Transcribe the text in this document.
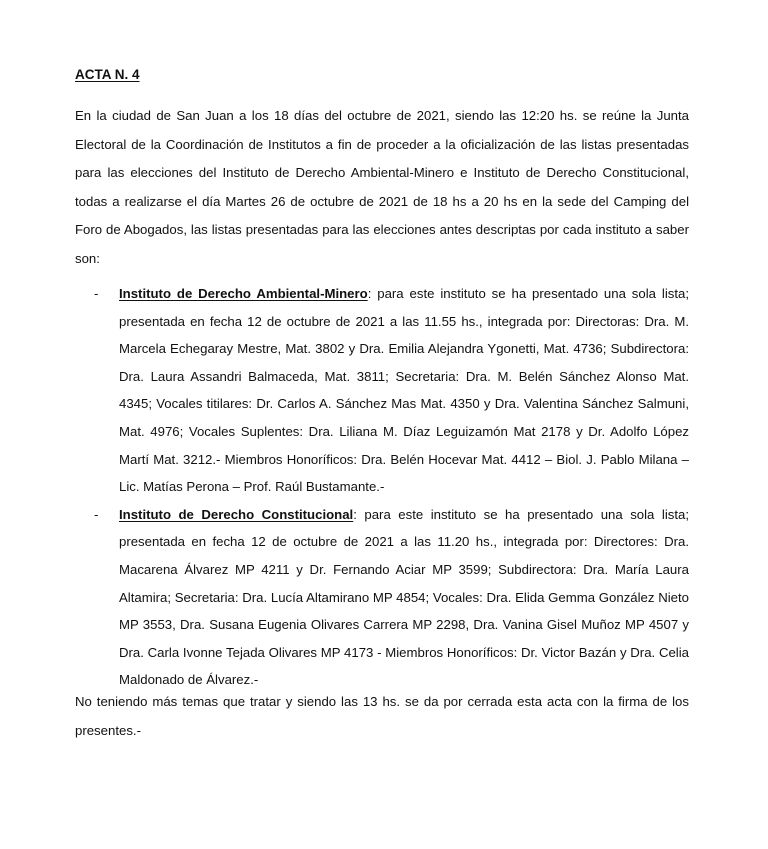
ACTA N. 4

En la ciudad de San Juan a los 18 días del octubre de 2021, siendo las 12:20 hs. se reúne la Junta Electoral de la Coordinación de Institutos a fin de proceder a la oficialización de las listas presentadas para las elecciones del Instituto de Derecho Ambiental-Minero e Instituto de Derecho Constitucional, todas a realizarse el día Martes 26 de octubre de 2021 de 18 hs a 20 hs en la sede del Camping del Foro de Abogados, las listas presentadas para las elecciones antes descriptas por cada instituto a saber son:

- Instituto de Derecho Ambiental-Minero: para este instituto se ha presentado una sola lista; presentada en fecha 12 de octubre de 2021 a las 11.55 hs., integrada por: Directoras: Dra. M. Marcela Echegaray Mestre, Mat. 3802 y Dra. Emilia Alejandra Ygonetti, Mat. 4736; Subdirectora: Dra. Laura Assandri Balmaceda, Mat. 3811; Secretaria: Dra. M. Belén Sánchez Alonso Mat. 4345; Vocales titilares: Dr. Carlos A. Sánchez Mas Mat. 4350 y Dra. Valentina Sánchez Salmuni, Mat. 4976; Vocales Suplentes: Dra. Liliana M. Díaz Leguizamón Mat 2178 y Dr. Adolfo López Martí Mat. 3212.- Miembros Honoríficos: Dra. Belén Hocevar Mat. 4412 – Biol. J. Pablo Milana – Lic. Matías Perona – Prof. Raúl Bustamante.-
- Instituto de Derecho Constitucional: para este instituto se ha presentado una sola lista; presentada en fecha 12 de octubre de 2021 a las 11.20 hs., integrada por: Directores: Dra. Macarena Álvarez MP 4211 y Dr. Fernando Aciar MP 3599; Subdirectora: Dra. María Laura Altamira; Secretaria: Dra. Lucía Altamirano MP 4854; Vocales: Dra. Elida Gemma González Nieto MP 3553, Dra. Susana Eugenia Olivares Carrera MP 2298, Dra. Vanina Gisel Muñoz MP 4507 y Dra. Carla Ivonne Tejada Olivares MP 4173 - Miembros Honoríficos: Dr. Victor Bazán y Dra. Celia Maldonado de Álvarez.-

No teniendo más temas que tratar y siendo las 13 hs. se da por cerrada esta acta con la firma de los presentes.-
